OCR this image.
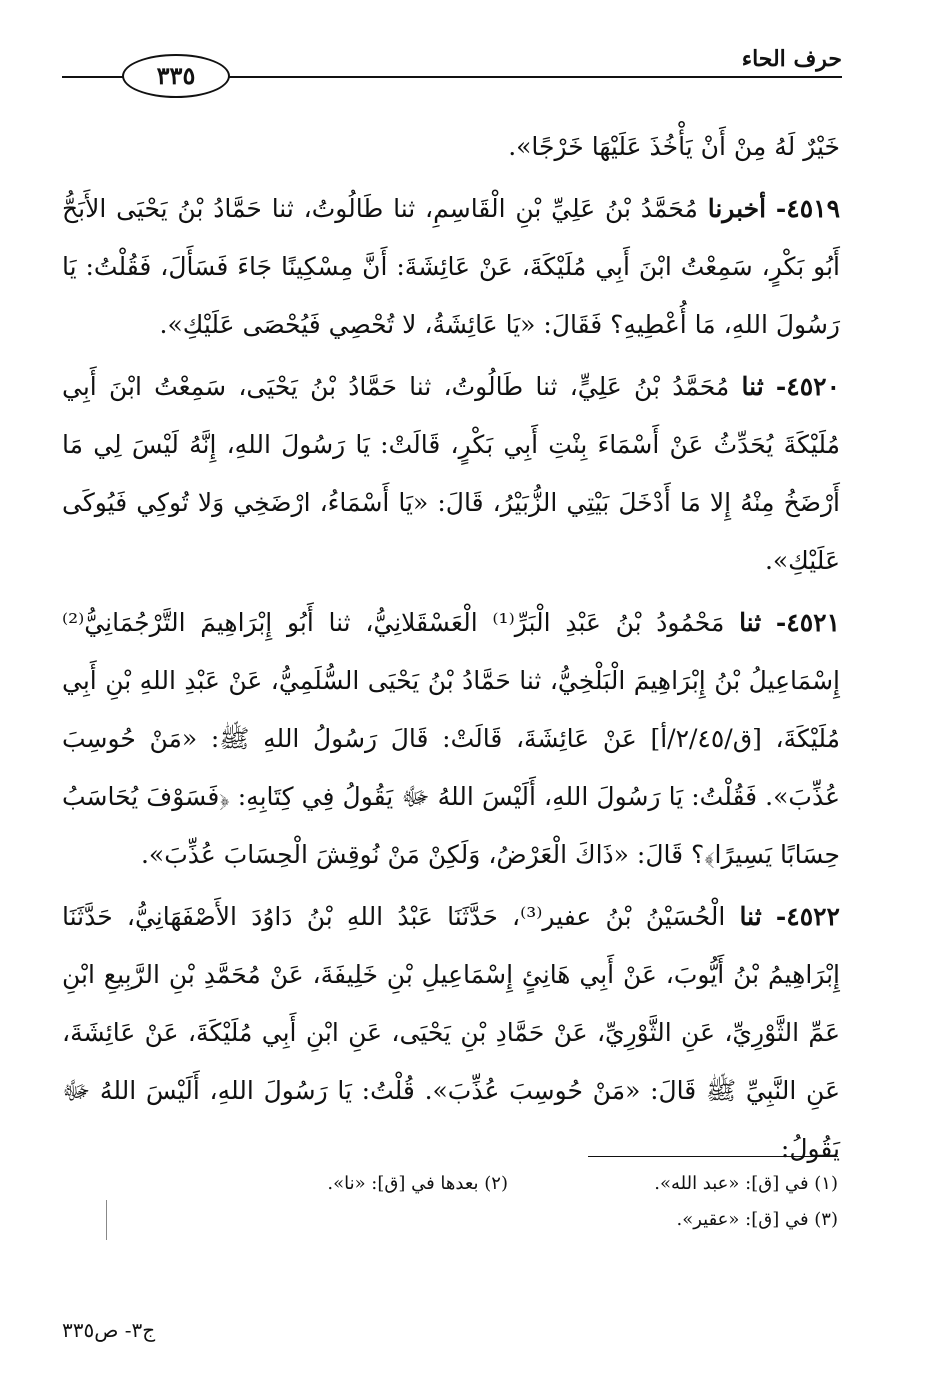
٣٣٥
حرف الحاء

خَيْرٌ لَهُ مِنْ أَنْ يَأْخُذَ عَلَيْهَا خَرْجًا».

٤٥١٩- أخبرنا مُحَمَّدُ بْنُ عَلِيِّ بْنِ الْقَاسِمِ، ثنا طَالُوتُ، ثنا حَمَّادُ بْنُ يَحْيَى الأَبَحُّ أَبُو بَكْرٍ، سَمِعْتُ ابْنَ أَبِي مُلَيْكَةَ، عَنْ عَائِشَةَ: أَنَّ مِسْكِينًا جَاءَ فَسَأَلَ، فَقُلْتُ: يَا رَسُولَ اللهِ، مَا أُعْطِيهِ؟ فَقَالَ: «يَا عَائِشَةُ، لا تُحْصِي فَيُحْصَى عَلَيْكِ».

٤٥٢٠- ثنا مُحَمَّدُ بْنُ عَلِيٍّ، ثنا طَالُوتُ، ثنا حَمَّادُ بْنُ يَحْيَى، سَمِعْتُ ابْنَ أَبِي مُلَيْكَةَ يُحَدِّثُ عَنْ أَسْمَاءَ بِنْتِ أَبِي بَكْرٍ، قَالَتْ: يَا رَسُولَ اللهِ، إِنَّهُ لَيْسَ لِي مَا أَرْضَخُ مِنْهُ إِلا مَا أَدْخَلَ بَيْتِي الزُّبَيْرُ، قَالَ: «يَا أَسْمَاءُ، ارْضَخِي وَلا تُوكِي فَيُوكَى عَلَيْكِ».

٤٥٢١- ثنا مَحْمُودُ بْنُ عَبْدِ الْبَرِّ⁽¹⁾ الْعَسْقَلانِيُّ، ثنا أَبُو إِبْرَاهِيمَ التَّرْجُمَانِيُّ⁽²⁾ إِسْمَاعِيلُ بْنُ إِبْرَاهِيمَ الْبَلْخِيُّ، ثنا حَمَّادُ بْنُ يَحْيَى السُّلَمِيُّ، عَنْ عَبْدِ اللهِ بْنِ أَبِي مُلَيْكَةَ، [ق/٢/٤٥/أ] عَنْ عَائِشَةَ، قَالَتْ: قَالَ رَسُولُ اللهِ ﷺ: «مَنْ حُوسِبَ عُذِّبَ». فَقُلْتُ: يَا رَسُولَ اللهِ، أَلَيْسَ اللهُ ﷻ يَقُولُ فِي كِتَابِهِ: ﴿فَسَوْفَ يُحَاسَبُ حِسَابًا يَسِيرًا﴾؟ قَالَ: «ذَاكَ الْعَرْضُ، وَلَكِنْ مَنْ نُوقِشَ الْحِسَابَ عُذِّبَ».

٤٥٢٢- ثنا الْحُسَيْنُ بْنُ عفير⁽³⁾، حَدَّثَنَا عَبْدُ اللهِ بْنُ دَاوُدَ الأَصْفَهَانِيُّ، حَدَّثَنَا إِبْرَاهِيمُ بْنُ أَيُّوبَ، عَنْ أَبِي هَانِئٍ إِسْمَاعِيلِ بْنِ خَلِيفَةَ، عَنْ مُحَمَّدِ بْنِ الرَّبِيعِ ابْنِ عَمِّ الثَّوْرِيِّ، عَنِ الثَّوْرِيِّ، عَنْ حَمَّادِ بْنِ يَحْيَى، عَنِ ابْنِ أَبِي مُلَيْكَةَ، عَنْ عَائِشَةَ، عَنِ النَّبِيِّ ﷺ قَالَ: «مَنْ حُوسِبَ عُذِّبَ». قُلْتُ: يَا رَسُولَ اللهِ، أَلَيْسَ اللهُ ﷻ يَقُولُ:

(١) في [ق]: «عبد الله».
(٢) بعدها في [ق]: «نا».
(٣) في [ق]: «عقير».
ج٣- ص٣٣٥
